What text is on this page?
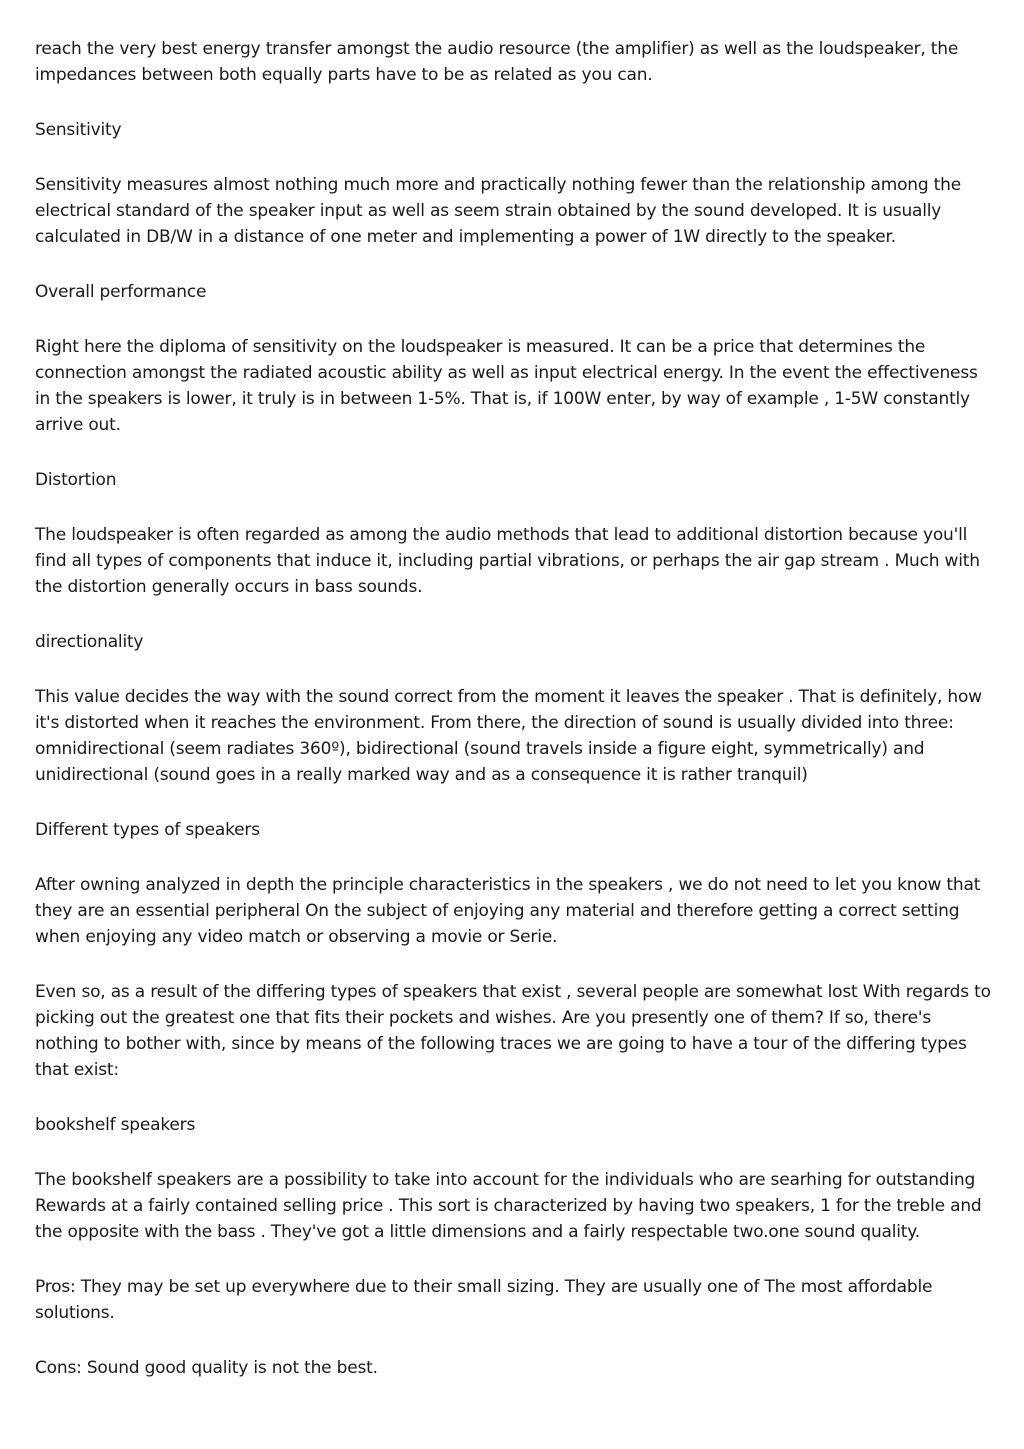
reach the very best energy transfer amongst the audio resource (the amplifier) as well as the loudspeaker, the impedances between both equally parts have to be as related as you can.

Sensitivity

Sensitivity measures almost nothing much more and practically nothing fewer than the relationship among the electrical standard of the speaker input as well as seem strain obtained by the sound developed. It is usually calculated in DB/W in a distance of one meter and implementing a power of 1W directly to the speaker.

Overall performance

Right here the diploma of sensitivity on the loudspeaker is measured. It can be a price that determines the connection amongst the radiated acoustic ability as well as input electrical energy. In the event the effectiveness in the speakers is lower, it truly is in between 1-5%. That is, if 100W enter, by way of example , 1-5W constantly arrive out.

Distortion

The loudspeaker is often regarded as among the audio methods that lead to additional distortion because you'll find all types of components that induce it, including partial vibrations, or perhaps the air gap stream . Much with the distortion generally occurs in bass sounds.

directionality

This value decides the way with the sound correct from the moment it leaves the speaker . That is definitely, how it's distorted when it reaches the environment. From there, the direction of sound is usually divided into three: omnidirectional (seem radiates 360º), bidirectional (sound travels inside a figure eight, symmetrically) and unidirectional (sound goes in a really marked way and as a consequence it is rather tranquil)

Different types of speakers

After owning analyzed in depth the principle characteristics in the speakers , we do not need to let you know that they are an essential peripheral On the subject of enjoying any material and therefore getting a correct setting when enjoying any video match or observing a movie or Serie.

Even so, as a result of the differing types of speakers that exist , several people are somewhat lost With regards to picking out the greatest one that fits their pockets and wishes. Are you presently one of them? If so, there's nothing to bother with, since by means of the following traces we are going to have a tour of the differing types that exist:

bookshelf speakers

The bookshelf speakers are a possibility to take into account for the individuals who are searhing for outstanding Rewards at a fairly contained selling price . This sort is characterized by having two speakers, 1 for the treble and the opposite with the bass . They've got a little dimensions and a fairly respectable two.one sound quality.

Pros: They may be set up everywhere due to their small sizing. They are usually one of The most affordable solutions.

Cons: Sound good quality is not the best.
